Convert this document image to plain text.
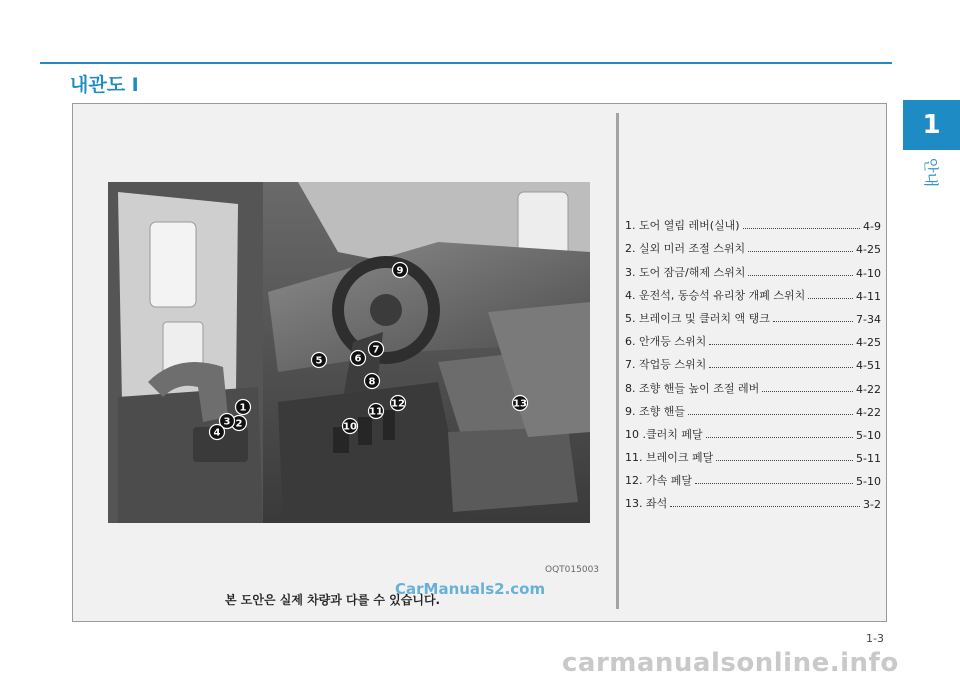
내관도 I
1
안내
1
2
3
4
5	6
7
8
9
10
11
12	13
OQT015003
본 도안은 실제 차량과 다를 수 있습니다.
CarManuals2.com
1. 도어 열림 레버(실내)	4-9
2. 실외 미러 조절 스위치	4-25
3. 도어 잠금/해제 스위치	4-10
4. 운전석, 동승석 유리창 개폐 스위치	4-11
5. 브레이크 및 클러치 액 탱크	7-34
6. 안개등 스위치	4-25
7. 작업등 스위치	4-51
8. 조향 핸들 높이 조절 레버	4-22
9. 조향 핸들	4-22
10 .클러치 페달	5-10
11. 브레이크 페달	5-11
12. 가속 페달	5-10
13. 좌석	3-2
1-3
carmanualsonline.info
